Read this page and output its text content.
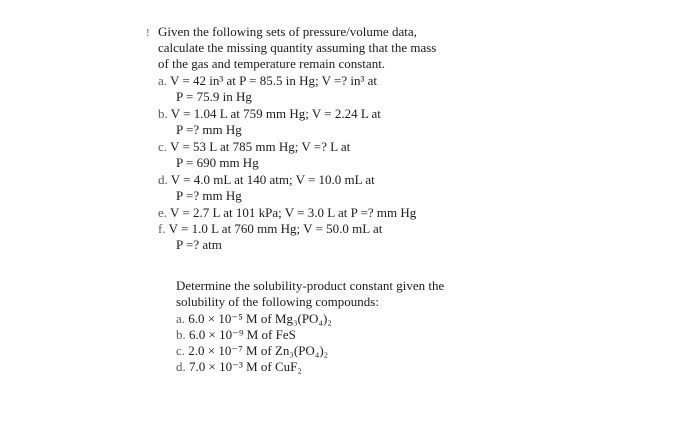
! Given the following sets of pressure/volume data,
calculate the missing quantity assuming that the mass
of the gas and temperature remain constant.
a. V = 42 in³ at P = 85.5 in Hg; V =? in³ at
P = 75.9 in Hg
b. V = 1.04 L at 759 mm Hg; V = 2.24 L at
P =? mm Hg
c. V = 53 L at 785 mm Hg; V =? L at
P = 690 mm Hg
d. V = 4.0 mL at 140 atm; V = 10.0 mL at
P =? mm Hg
e. V = 2.7 L at 101 kPa; V = 3.0 L at P =? mm Hg
f. V = 1.0 L at 760 mm Hg; V = 50.0 mL at
P =? atm
Determine the solubility-product constant given the
solubility of the following compounds:
a. 6.0 × 10⁻⁵ M of Mg₃(PO₄)₂
b. 6.0 × 10⁻⁹ M of FeS
c. 2.0 × 10⁻⁷ M of Zn₃(PO₄)₂
d. 7.0 × 10⁻³ M of CuF₂
